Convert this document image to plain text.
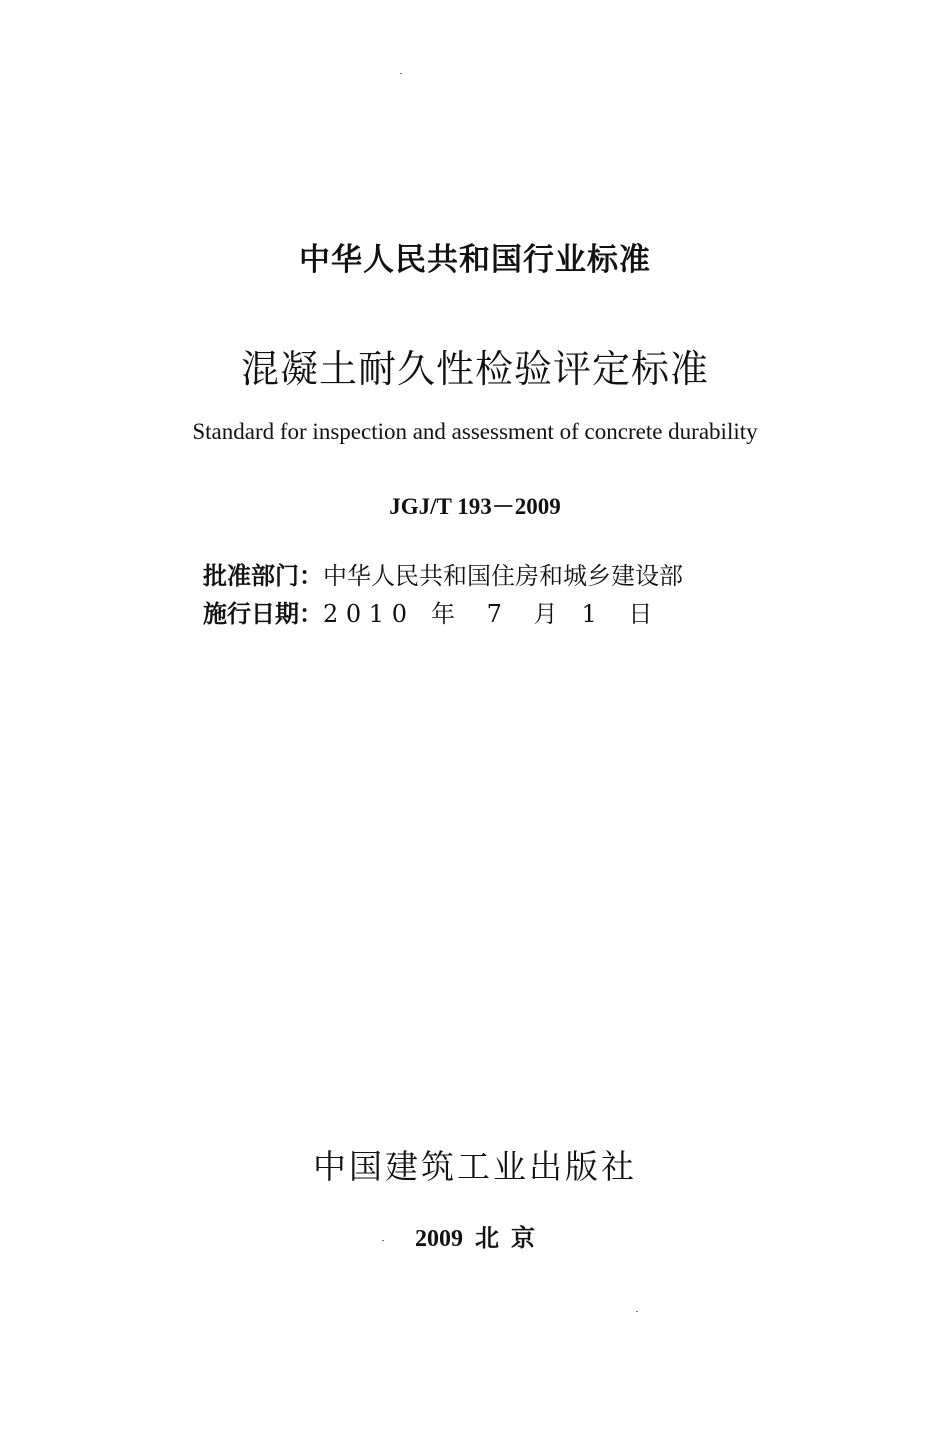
中华人民共和国行业标准
混凝土耐久性检验评定标准
Standard for inspection and assessment of concrete durability
JGJ/T 193－2009
批准部门：中华人民共和国住房和城乡建设部
施行日期：2 0 1 0　年　 7　 月　1　 日
中国建筑工业出版社
2009  北  京
